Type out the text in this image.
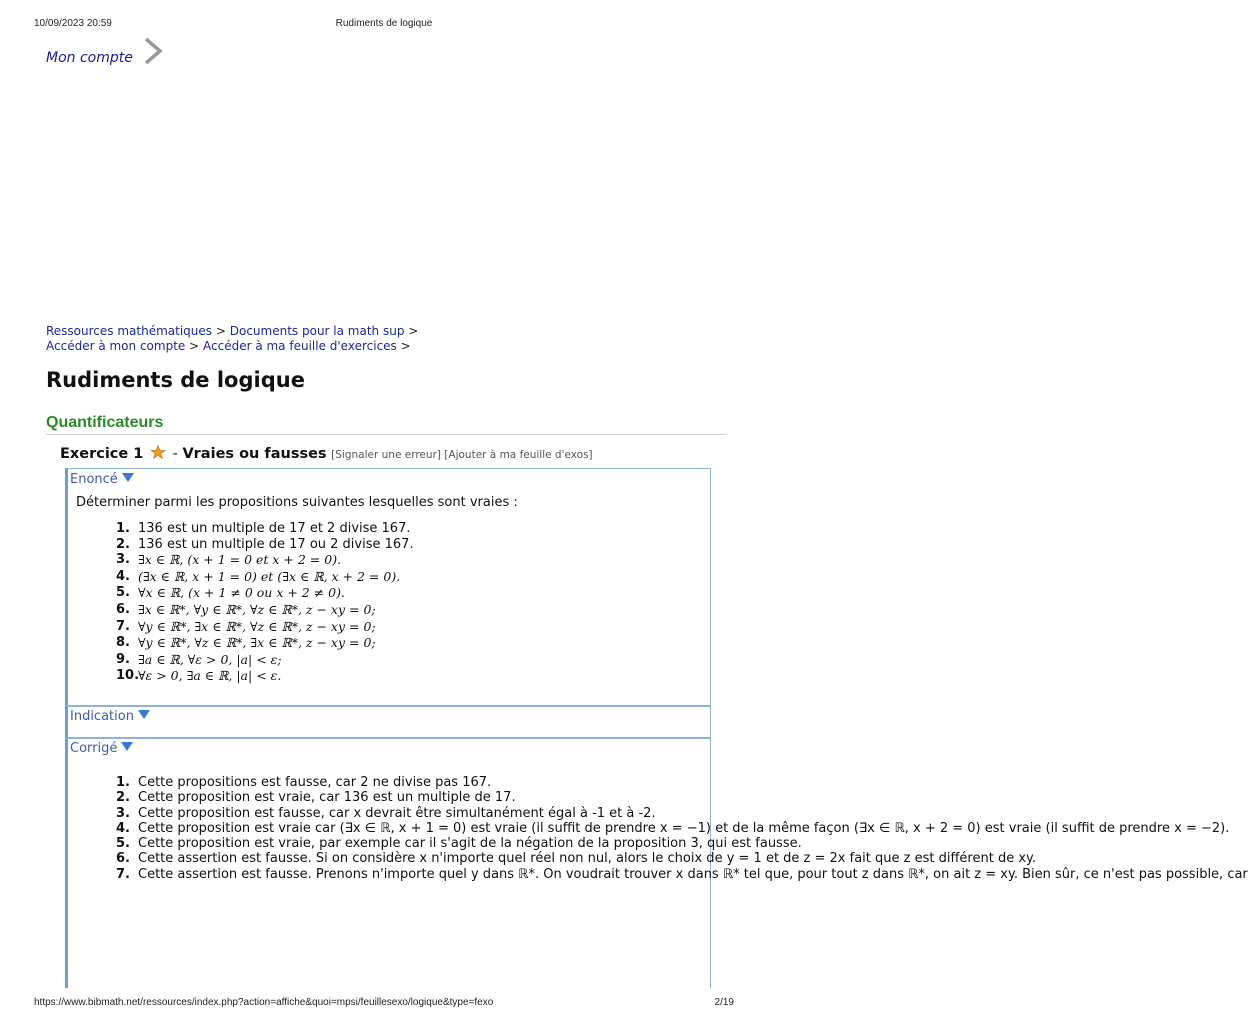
10/09/2023 20:59	Rudiments de logique
Mon compte
Ressources mathématiques > Documents pour la math sup >
Accéder à mon compte > Accéder à ma feuille d'exercices >
Rudiments de logique
Quantificateurs
Exercice 1 - Vraies ou fausses [Signaler une erreur] [Ajouter à ma feuille d'exos]
Enoncé
Déterminer parmi les propositions suivantes lesquelles sont vraies :
1. 136 est un multiple de 17 et 2 divise 167.
2. 136 est un multiple de 17 ou 2 divise 167.
3. ∃x ∈ ℝ, (x + 1 = 0 et x + 2 = 0).
4. (∃x ∈ ℝ, x + 1 = 0) et (∃x ∈ ℝ, x + 2 = 0).
5. ∀x ∈ ℝ, (x + 1 ≠ 0 ou x + 2 ≠ 0).
6. ∃x ∈ ℝ*, ∀y ∈ ℝ*, ∀z ∈ ℝ*, z − xy = 0;
7. ∀y ∈ ℝ*, ∃x ∈ ℝ*, ∀z ∈ ℝ*, z − xy = 0;
8. ∀y ∈ ℝ*, ∀z ∈ ℝ*, ∃x ∈ ℝ*, z − xy = 0;
9. ∃a ∈ ℝ, ∀ε > 0, |a| < ε;
10.
∀ε > 0, ∃a ∈ ℝ, |a| < ε.
Indication
Corrigé
1. Cette propositions est fausse, car 2 ne divise pas 167.
2. Cette proposition est vraie, car 136 est un multiple de 17.
3. Cette proposition est fausse, car x devrait être simultanément égal à -1 et à -2.
4. Cette proposition est vraie car (∃x ∈ ℝ, x + 1 = 0) est vraie (il suffit de prendre x = −1) et de la même façon (∃x ∈ ℝ, x + 2 = 0) est vraie (il suffit de prendre x = −2).
5. Cette proposition est vraie, par exemple car il s'agit de la négation de la proposition 3, qui est fausse.
6. Cette assertion est fausse. Si on considère x n'importe quel réel non nul, alors le choix de y = 1 et de z = 2x fait que z est différent de xy.
7. Cette assertion est fausse. Prenons n'importe quel y dans ℝ*. On voudrait trouver x dans ℝ* tel que, pour tout z dans ℝ*, on ait z = xy. Bien sûr, ce n'est pas possible, car
https://www.bibmath.net/ressources/index.php?action=affiche&quoi=mpsi/feuillesexo/logique&type=fexo	2/19
